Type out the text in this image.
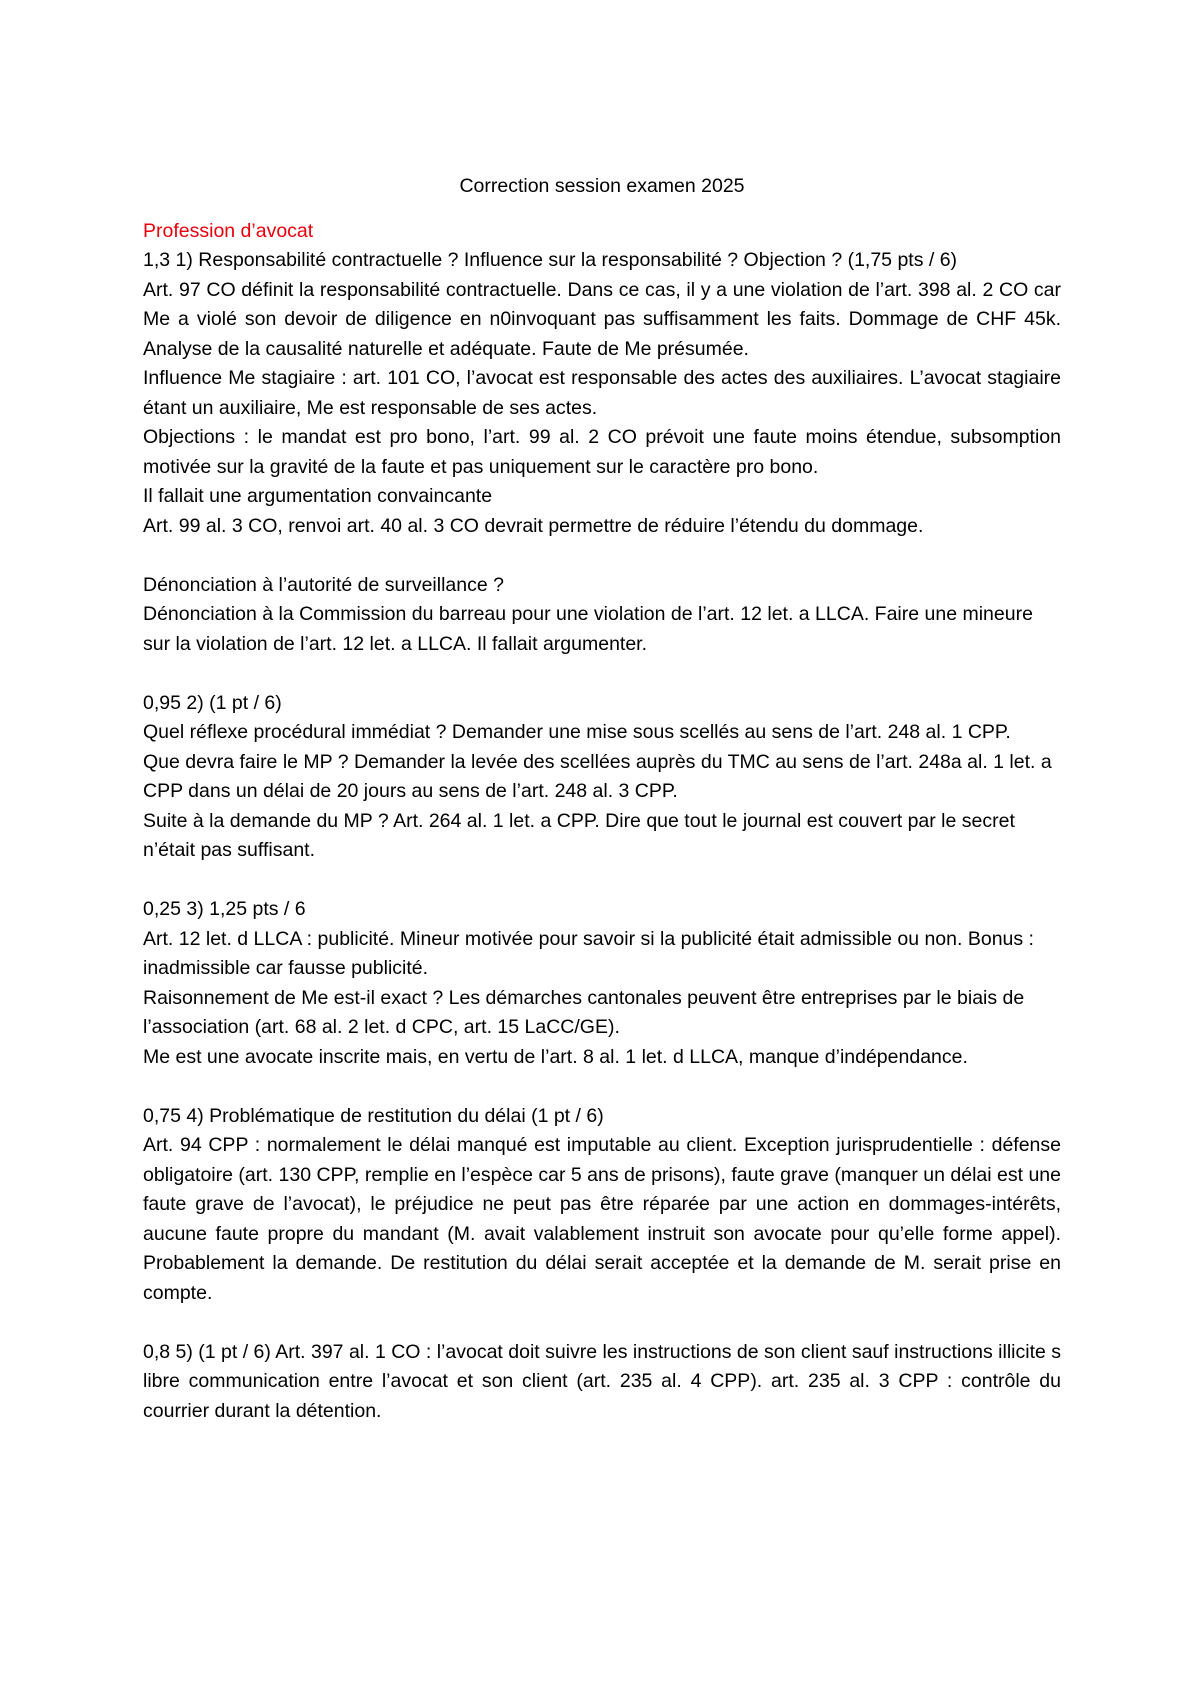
Correction session examen 2025

Profession d’avocat

1,3 1) Responsabilité contractuelle ? Influence sur la responsabilité ? Objection ? (1,75 pts / 6)

Art. 97 CO définit la responsabilité contractuelle. Dans ce cas, il y a une violation de l’art. 398 al. 2 CO car Me a violé son devoir de diligence en n0invoquant pas suffisamment les faits. Dommage de CHF 45k. Analyse de la causalité naturelle et adéquate. Faute de Me présumée.

Influence Me stagiaire : art. 101 CO, l’avocat est responsable des actes des auxiliaires. L’avocat stagiaire étant un auxiliaire, Me est responsable de ses actes.

Objections : le mandat est pro bono, l’art. 99 al. 2 CO prévoit une faute moins étendue, subsomption motivée sur la gravité de la faute et pas uniquement sur le caractère pro bono.

Il fallait une argumentation convaincante

Art. 99 al. 3 CO, renvoi art. 40 al. 3 CO devrait permettre de réduire l’étendu du dommage.

Dénonciation à l’autorité de surveillance ?

Dénonciation à la Commission du barreau pour une violation de l’art. 12 let. a LLCA. Faire une mineure sur la violation de l’art. 12 let. a LLCA. Il fallait argumenter.

0,95 2) (1 pt / 6)

Quel réflexe procédural immédiat ? Demander une mise sous scellés au sens de l’art. 248 al. 1 CPP.

Que devra faire le MP ? Demander la levée des scellées auprès du TMC au sens de l’art. 248a al. 1 let. a CPP dans un délai de 20 jours au sens de l’art. 248 al. 3 CPP.

Suite à la demande du MP ? Art. 264 al. 1 let. a CPP. Dire que tout le journal est couvert par le secret n’était pas suffisant.

0,25 3) 1,25 pts / 6

Art. 12 let. d LLCA : publicité. Mineur motivée pour savoir si la publicité était admissible ou non. Bonus : inadmissible car fausse publicité.

Raisonnement de Me est-il exact ? Les démarches cantonales peuvent être entreprises par le biais de l’association (art. 68 al. 2 let. d CPC, art. 15 LaCC/GE).

Me est une avocate inscrite mais, en vertu de l’art. 8 al. 1 let. d LLCA, manque d’indépendance.

0,75 4) Problématique de restitution du délai (1 pt / 6)

Art. 94 CPP : normalement le délai manqué est imputable au client. Exception jurisprudentielle : défense obligatoire (art. 130 CPP, remplie en l’espèce car 5 ans de prisons), faute grave (manquer un délai est une faute grave de l’avocat), le préjudice ne peut pas être réparée par une action en dommages-intérêts, aucune faute propre du mandant (M. avait valablement instruit son avocate pour qu’elle forme appel). Probablement la demande. De restitution du délai serait acceptée et la demande de M. serait prise en compte.

0,8 5) (1 pt / 6) Art. 397 al. 1 CO : l’avocat doit suivre les instructions de son client sauf instructions illicite s libre communication entre l’avocat et son client (art. 235 al. 4 CPP). art. 235 al. 3 CPP : contrôle du courrier durant la détention.
